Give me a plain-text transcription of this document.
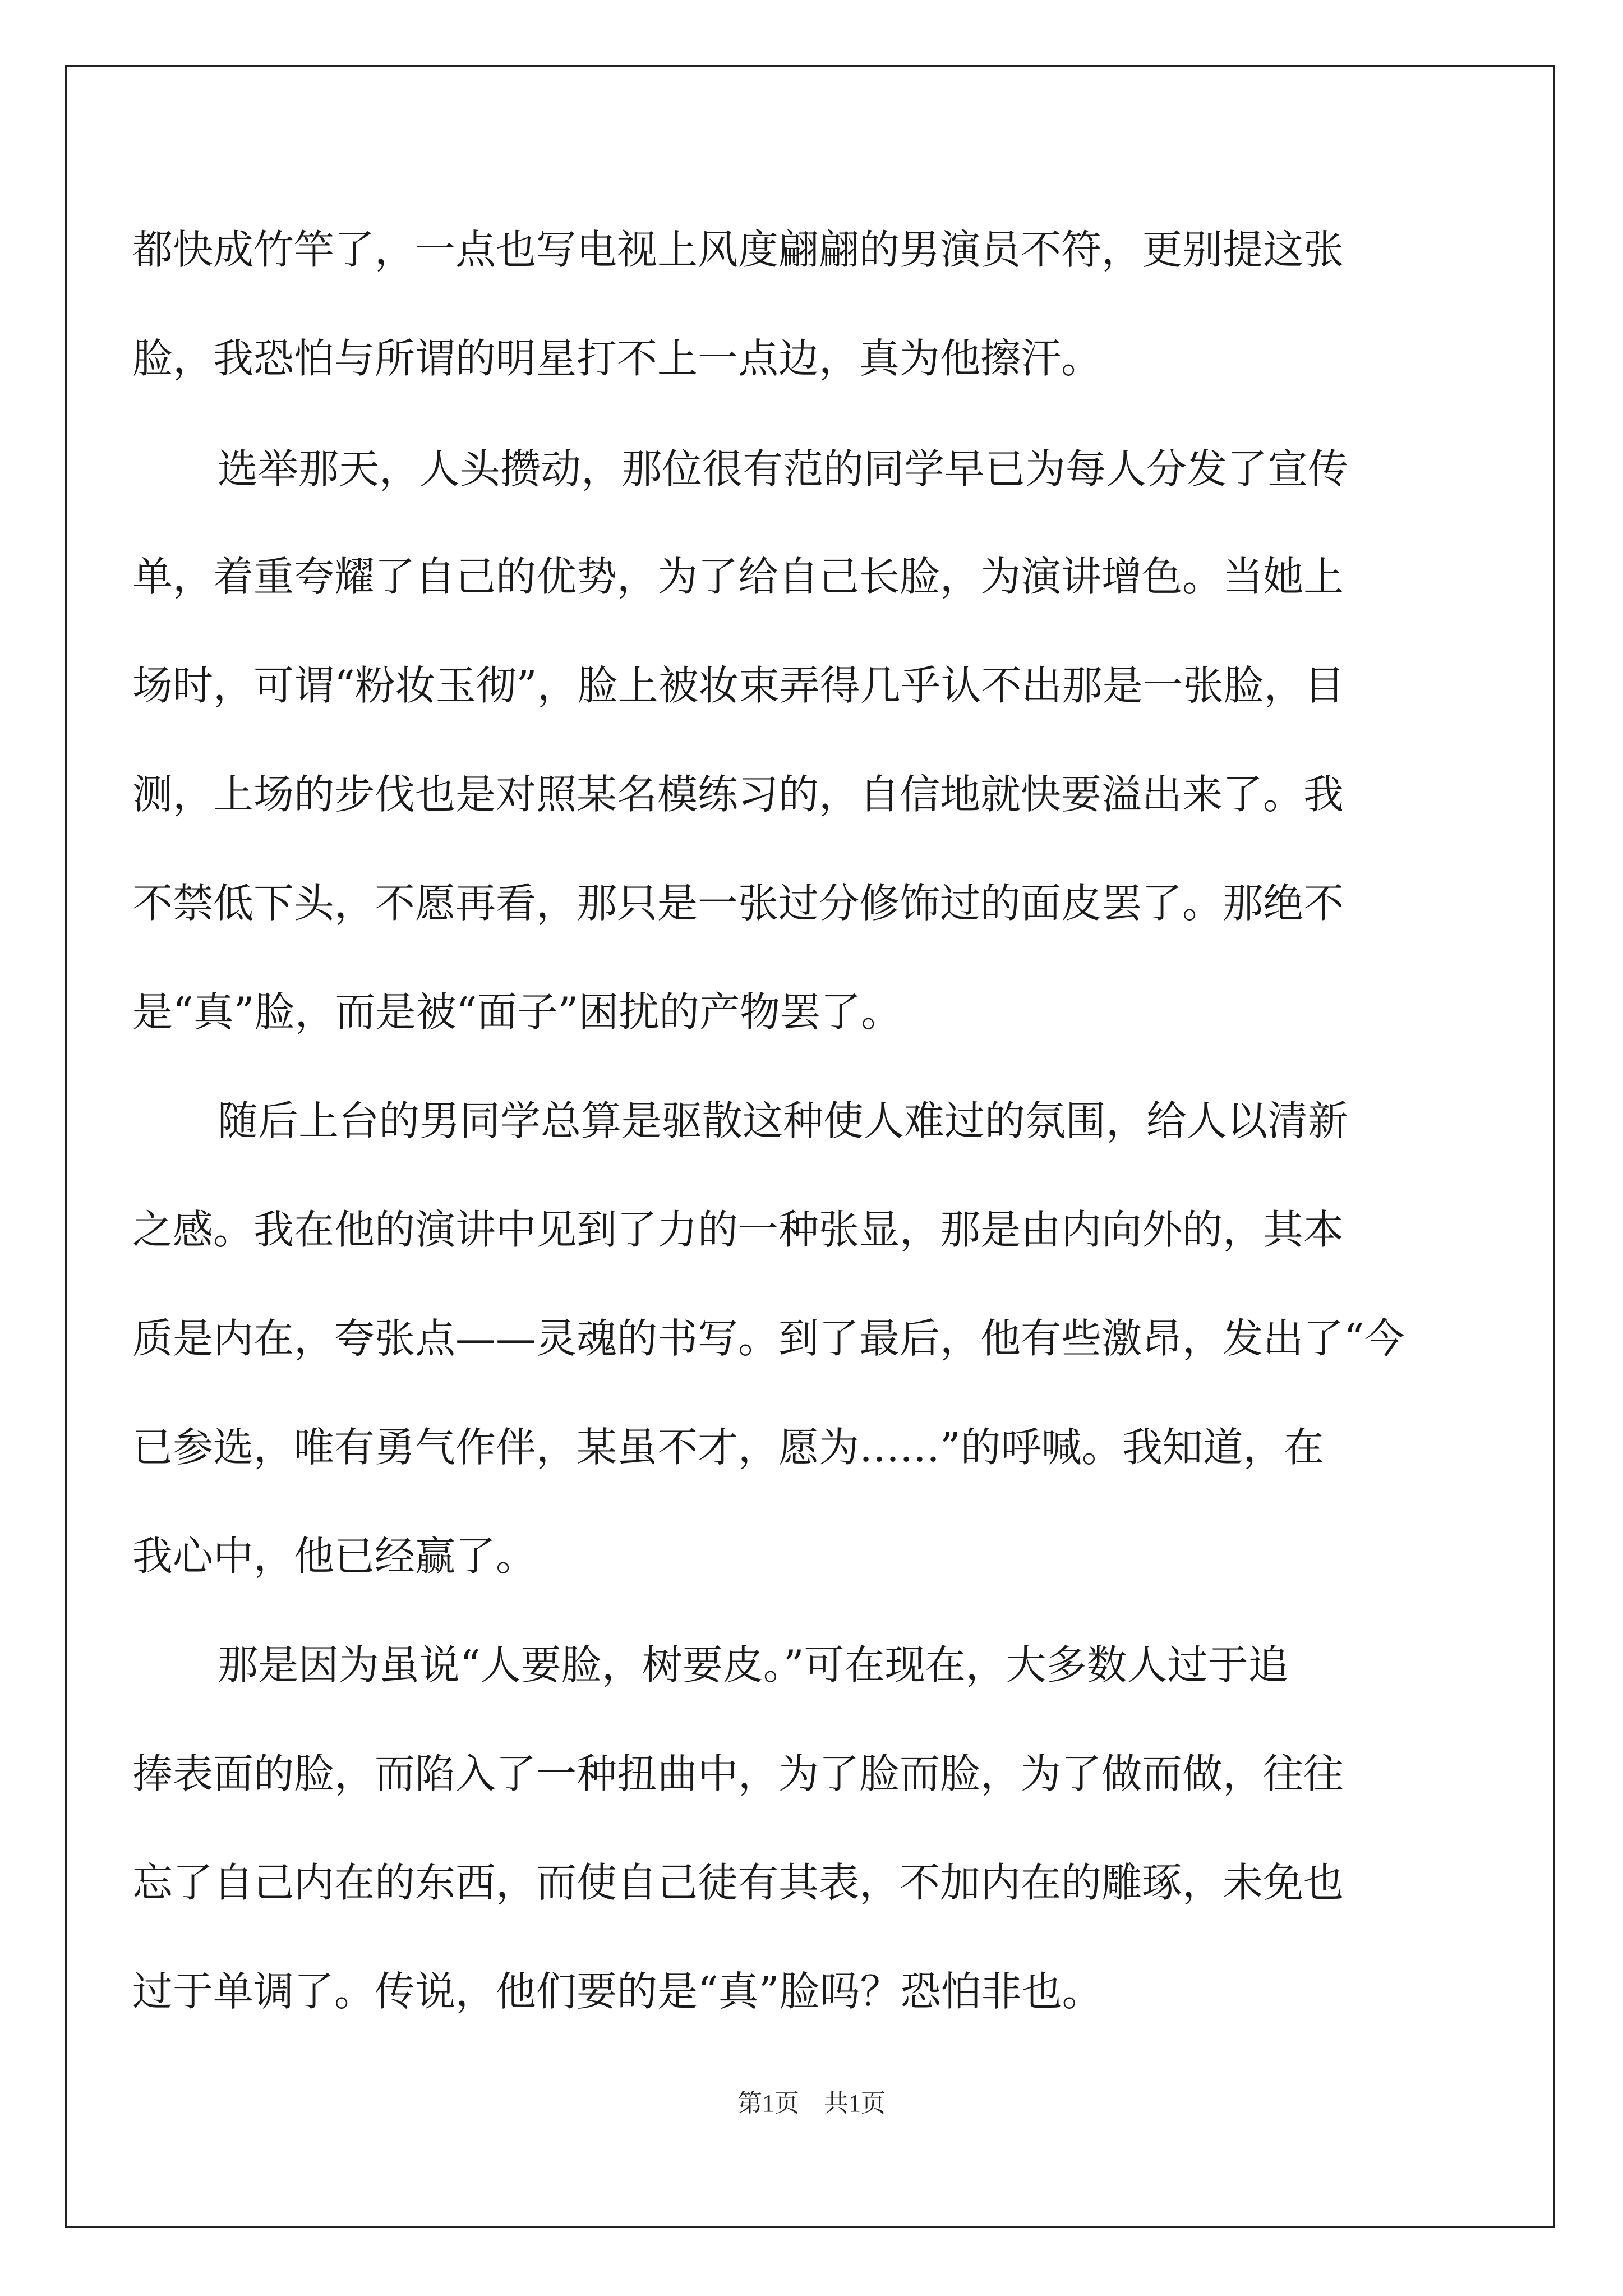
都快成竹竿了，一点也写电视上风度翩翩的男演员不符，更别提这张
脸，我恐怕与所谓的明星打不上一点边，真为他擦汗。
选举那天，人头攒动，那位很有范的同学早已为每人分发了宣传
单，着重夸耀了自己的优势，为了给自己长脸，为演讲增色。当她上
场时，可谓“粉妆玉彻”，脸上被妆束弄得几乎认不出那是一张脸，目
测，上场的步伐也是对照某名模练习的，自信地就快要溢出来了。我
不禁低下头，不愿再看，那只是一张过分修饰过的面皮罢了。那绝不
是“真”脸，而是被“面子”困扰的产物罢了。
随后上台的男同学总算是驱散这种使人难过的氛围，给人以清新
之感。我在他的演讲中见到了力的一种张显，那是由内向外的，其本
质是内在，夸张点——灵魂的书写。到了最后，他有些激昂，发出了“今
已参选，唯有勇气作伴，某虽不才，愿为……”的呼喊。我知道，在
我心中，他已经赢了。
那是因为虽说“人要脸，树要皮。”可在现在，大多数人过于追
捧表面的脸，而陷入了一种扭曲中，为了脸而脸，为了做而做，往往
忘了自己内在的东西，而使自己徒有其表，不加内在的雕琢，未免也
过于单调了。传说，他们要的是“真”脸吗？恐怕非也。
第1页　共1页
